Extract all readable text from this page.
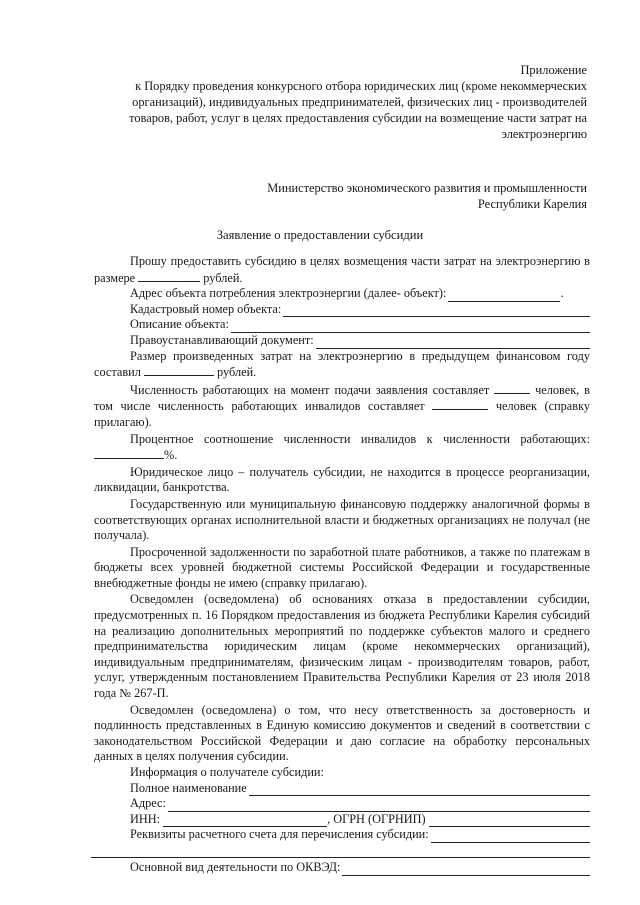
Приложение
к Порядку проведения конкурсного отбора юридических лиц (кроме некоммерческих
организаций), индивидуальных предпринимателей, физических лиц - производителей
товаров, работ, услуг в целях предоставления субсидии на возмещение части затрат на
электроэнергию
Министерство экономического развития и промышленности
Республики Карелия
Заявление о предоставлении субсидии

Прошу предоставить субсидию в целях возмещения части затрат на электроэнергию в размере	рублей.

Адрес объекта потребления электроэнергии (далее- объект):	.
Кадастровый номер объекта:
Описание объекта:
Правоустанавливающий документ:

Размер произведенных затрат на электроэнергию в предыдущем финансовом году составил	рублей.

Численность работающих на момент подачи заявления составляет	человек, в том числе численность работающих инвалидов составляет	человек (справку прилагаю).

Процентное соотношение численности инвалидов к численности работающих: %.

Юридическое лицо – получатель субсидии, не находится в процессе реорганизации, ликвидации, банкротства.

Государственную или муниципальную финансовую поддержку аналогичной формы в соответствующих органах исполнительной власти и бюджетных организациях не получал (не получала).

Просроченной задолженности по заработной плате работников, а также по платежам в бюджеты всех уровней бюджетной системы Российской Федерации и государственные внебюджетные фонды не имею (справку прилагаю).

Осведомлен (осведомлена) об основаниях отказа в предоставлении субсидии, предусмотренных п. 16 Порядком предоставления из бюджета Республики Карелия субсидий на реализацию дополнительных мероприятий по поддержке субъектов малого и среднего предпринимательства юридическим лицам (кроме некоммерческих организаций), индивидуальным предпринимателям, физическим лицам - производителям товаров, работ, услуг, утвержденным постановлением Правительства Республики Карелия от 23 июля 2018 года № 267-П.

Осведомлен (осведомлена) о том, что несу ответственность за достоверность и подлинность представленных в Единую комиссию документов и сведений в соответствии с законодательством Российской Федерации и даю согласие на обработку персональных данных в целях получения субсидии.

Информация о получателе субсидии:
Полное наименование
Адрес:
ИНН:	, ОГРН (ОГРНИП)
Реквизиты расчетного счета для перечисления субсидии:
Основной вид деятельности по ОКВЭД:
